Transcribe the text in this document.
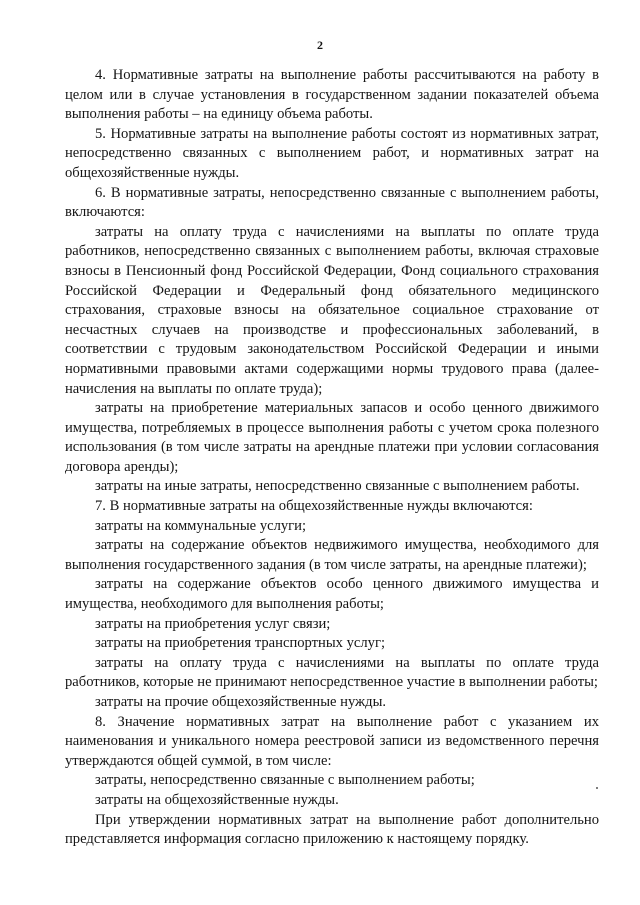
2

4. Нормативные затраты на выполнение работы рассчитываются на работу в целом или в случае установления в государственном задании показателей объема выполнения работы – на единицу объема работы.

5. Нормативные затраты на выполнение работы состоят из нормативных затрат, непосредственно связанных с выполнением работ, и нормативных затрат на общехозяйственные нужды.

6. В нормативные затраты, непосредственно связанные с выполнением работы, включаются:

затраты на оплату труда с начислениями на выплаты по оплате труда работников, непосредственно связанных с выполнением работы, включая страховые взносы в Пенсионный фонд Российской Федерации, Фонд социального страхования Российской Федерации и Федеральный фонд обязательного медицинского страхования, страховые взносы на обязательное социальное страхование от несчастных случаев на производстве и профессиональных заболеваний, в соответствии с трудовым законодательством Российской Федерации и иными нормативными правовыми актами содержащими нормы трудового права (далее-начисления на выплаты по оплате труда);

затраты на приобретение материальных запасов и особо ценного движимого имущества, потребляемых в процессе выполнения работы с учетом срока полезного использования (в том числе затраты на арендные платежи при условии согласования договора аренды);

затраты на иные затраты, непосредственно связанные с выполнением работы.

7. В нормативные затраты на общехозяйственные нужды включаются:

затраты на коммунальные услуги;

затраты на содержание объектов недвижимого имущества, необходимого для выполнения государственного задания (в том числе затраты, на арендные платежи);

затраты на содержание объектов особо ценного движимого имущества и имущества, необходимого для выполнения работы;

затраты на приобретения услуг связи;

затраты на приобретения транспортных услуг;

затраты на оплату труда с начислениями на выплаты по оплате труда работников, которые не принимают непосредственное участие в выполнении работы;

затраты на прочие общехозяйственные нужды.

8. Значение нормативных затрат на выполнение работ с указанием их наименования и уникального номера реестровой записи из ведомственного перечня утверждаются общей суммой, в том числе:

затраты, непосредственно связанные с выполнением работы;

затраты на общехозяйственные нужды.

При утверждении нормативных затрат на выполнение работ дополнительно представляется информация согласно приложению к настоящему порядку.
